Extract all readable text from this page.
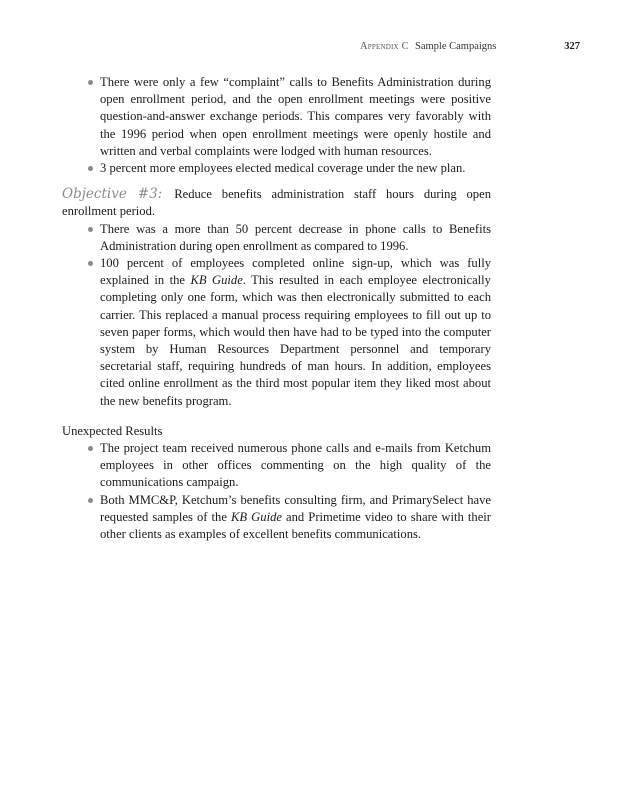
Appendix C Sample Campaigns	327
There were only a few “complaint” calls to Benefits Administration during open enrollment period, and the open enrollment meetings were positive question-and-answer exchange periods. This compares very favorably with the 1996 period when open enrollment meetings were openly hostile and written and verbal complaints were lodged with human resources.
3 percent more employees elected medical coverage under the new plan.

Objective #3: Reduce benefits administration staff hours during open enrollment period.

There was a more than 50 percent decrease in phone calls to Benefits Administration during open enrollment as compared to 1996.
100 percent of employees completed online sign-up, which was fully explained in the KB Guide. This resulted in each employee electronically completing only one form, which was then electronically submitted to each carrier. This replaced a manual process requiring employees to fill out up to seven paper forms, which would then have had to be typed into the computer system by Human Resources Department personnel and temporary secretarial staff, requiring hundreds of man hours. In addition, employees cited online enrollment as the third most popular item they liked most about the new benefits program.

Unexpected Results

The project team received numerous phone calls and e-mails from Ketchum employees in other offices commenting on the high quality of the communications campaign.
Both MMC&P, Ketchum’s benefits consulting firm, and PrimarySelect have requested samples of the KB Guide and Primetime video to share with their other clients as examples of excellent benefits communications.
